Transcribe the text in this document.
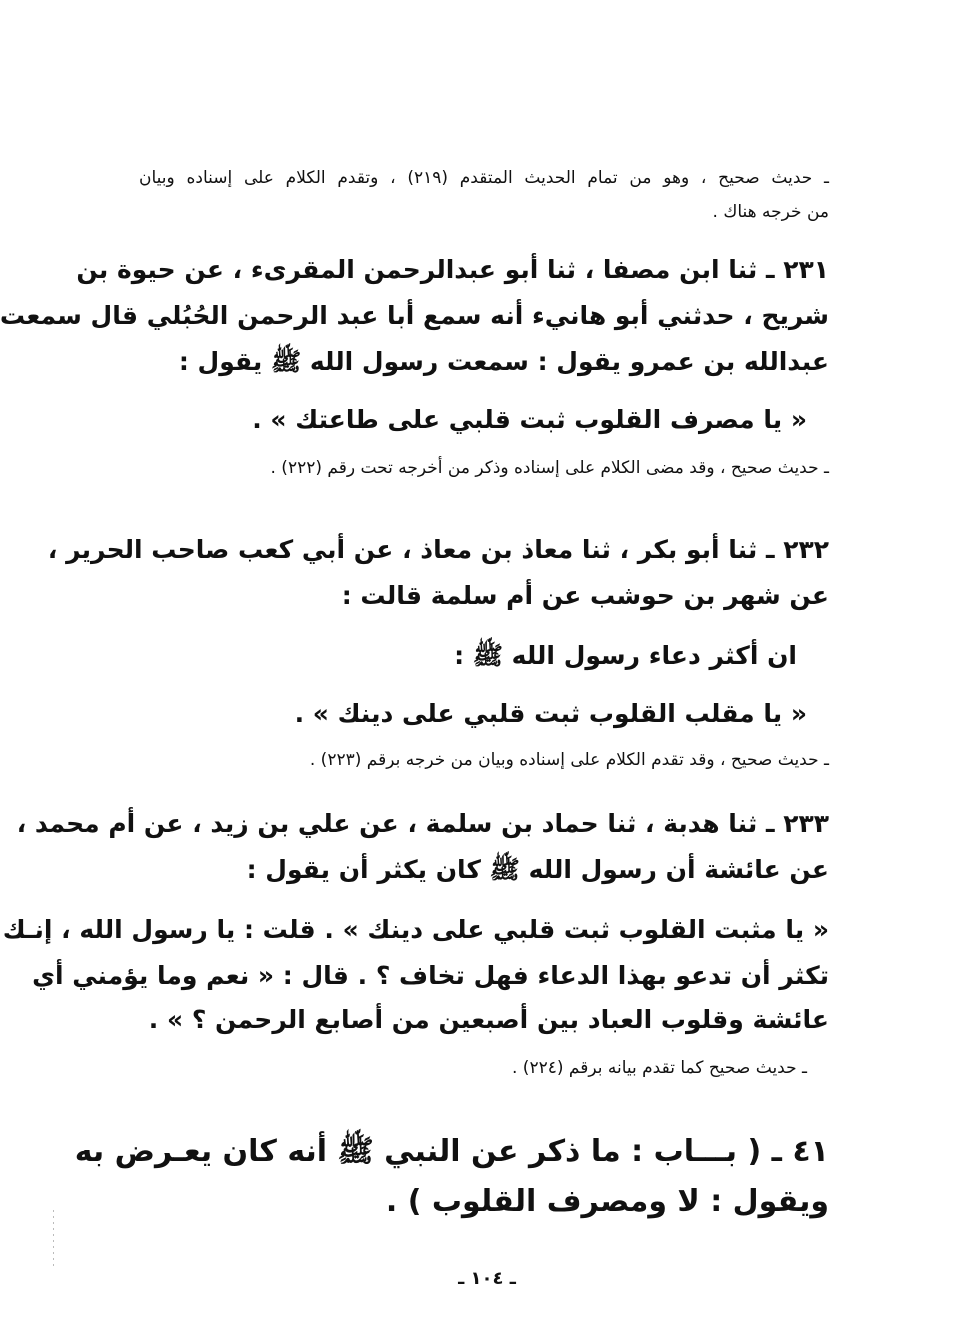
ـ حديث صحيح ، وهو من تمام الحديث المتقدم (٢١٩) ، وتقدم الكلام على إسناده وبيان
من خرجه هناك .
٢٣١ ـ ثنا ابن مصفا ، ثنا أبو عبدالرحمن المقرىء ، عن حيوة بن
شريح ، حدثني أبو هانيء أنه سمع أبا عبد الرحمن الحُبُلي قال سمعت
عبدالله بن عمرو يقول : سمعت رسول الله ﷺ يقول :
« يا مصرف القلوب ثبت قلبي على طاعتك » .
ـ حديث صحيح ، وقد مضى الكلام على إسناده وذكر من أخرجه تحت رقم (٢٢٢) .
٢٣٢ ـ ثنا أبو بكر ، ثنا معاذ بن معاذ ، عن أبي كعب صاحب الحرير ،
عن شهر بن حوشب عن أم سلمة قالت :
ان أكثر دعاء رسول الله ﷺ :
« يا مقلب القلوب ثبت قلبي على دينك » .
ـ حديث صحيح ، وقد تقدم الكلام على إسناده وبيان من خرجه برقم (٢٢٣) .
٢٣٣ ـ ثنا هدبة ، ثنا حماد بن سلمة ، عن علي بن زيد ، عن أم محمد ،
عن عائشة أن رسول الله ﷺ كان يكثر أن يقول :
« يا مثبت القلوب ثبت قلبي على دينك » . قلت : يا رسول الله ، إنـك
تكثر أن تدعو بهذا الدعاء فهل تخاف ؟ . قال : « نعم وما يؤمني أي
عائشة وقلوب العباد بين أصبعين من أصابع الرحمن ؟ » .
ـ حديث صحيح كما تقدم بيانه برقم (٢٢٤) .
٤١ ـ ( بـــاب : ما ذكر عن النبي ﷺ أنه كان يعـرض به
ويقول : لا ومصرف القلوب ) .
ـ ١٠٤ ـ
